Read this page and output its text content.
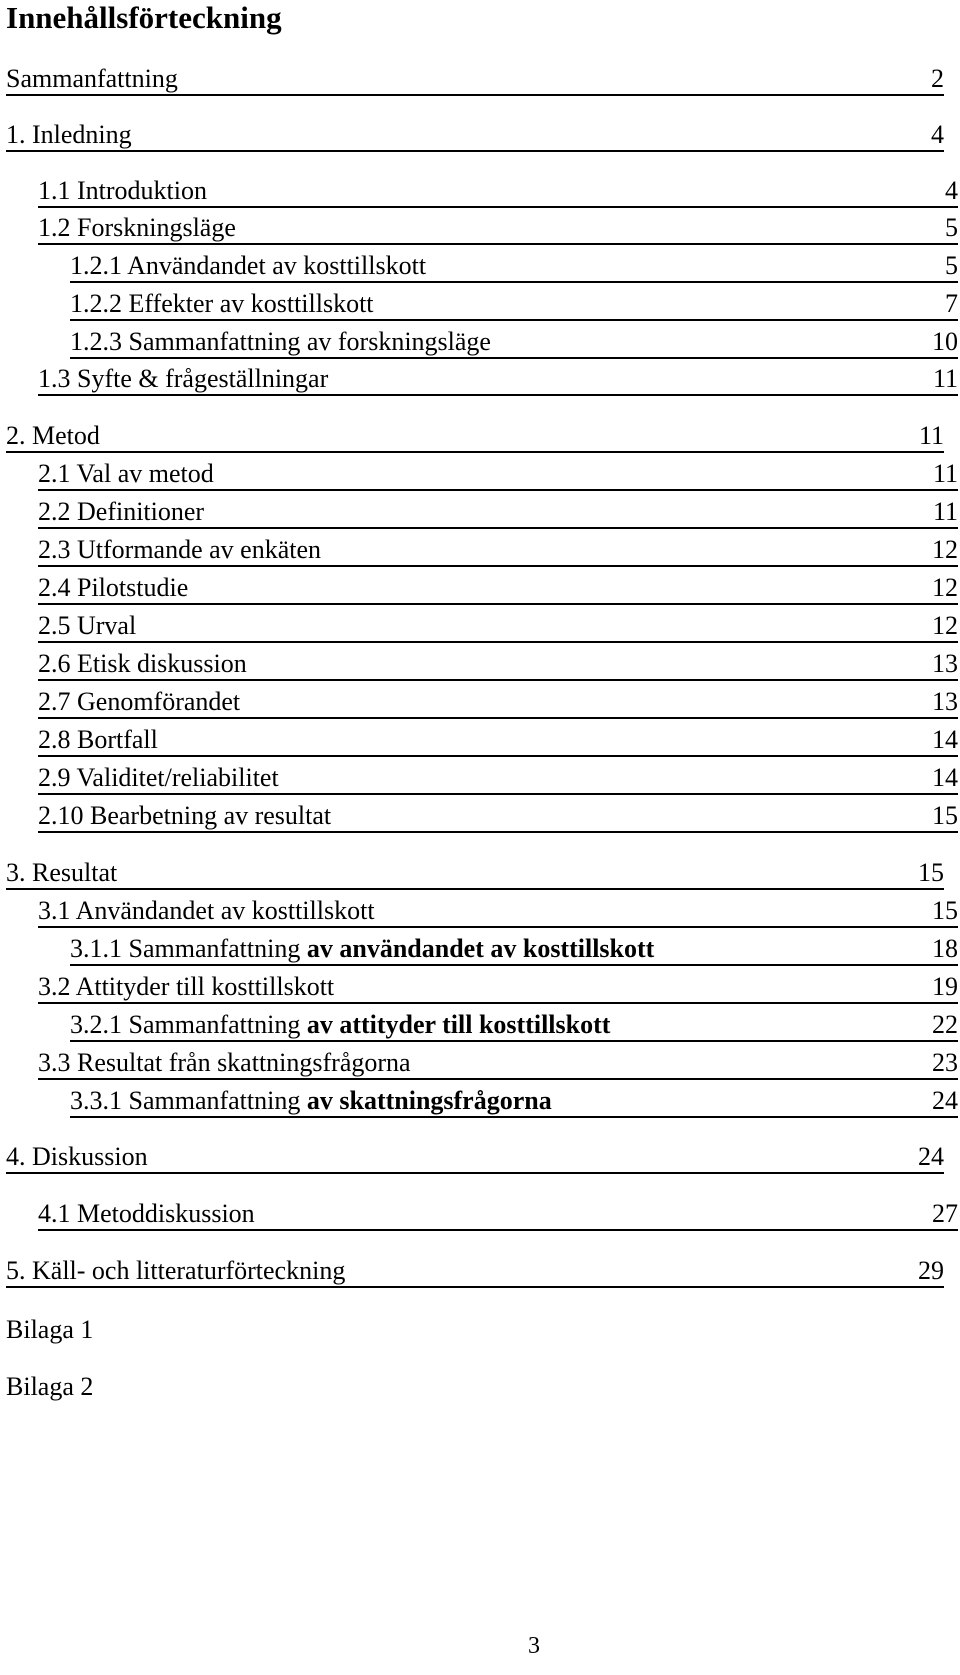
Innehållsförteckning
Sammanfattning	2
1. Inledning	4
1.1 Introduktion	4
1.2 Forskningsläge	5
1.2.1 Användandet av kosttillskott	5
1.2.2 Effekter av kosttillskott	7
1.2.3 Sammanfattning av forskningsläge	10
1.3 Syfte & frågeställningar	11
2. Metod	11
2.1 Val av metod	11
2.2 Definitioner	11
2.3 Utformande av enkäten	12
2.4 Pilotstudie	12
2.5 Urval	12
2.6 Etisk diskussion	13
2.7 Genomförandet	13
2.8 Bortfall	14
2.9 Validitet/reliabilitet	14
2.10 Bearbetning av resultat	15
3. Resultat	15
3.1 Användandet av kosttillskott	15
3.1.1 Sammanfattning av användandet av kosttillskott	18
3.2 Attityder till kosttillskott	19
3.2.1 Sammanfattning av attityder till kosttillskott	22
3.3 Resultat från skattningsfrågorna	23
3.3.1 Sammanfattning av skattningsfrågorna	24
4. Diskussion	24
4.1 Metoddiskussion	27
5. Käll- och litteraturförteckning	29
Bilaga 1
Bilaga 2
3
